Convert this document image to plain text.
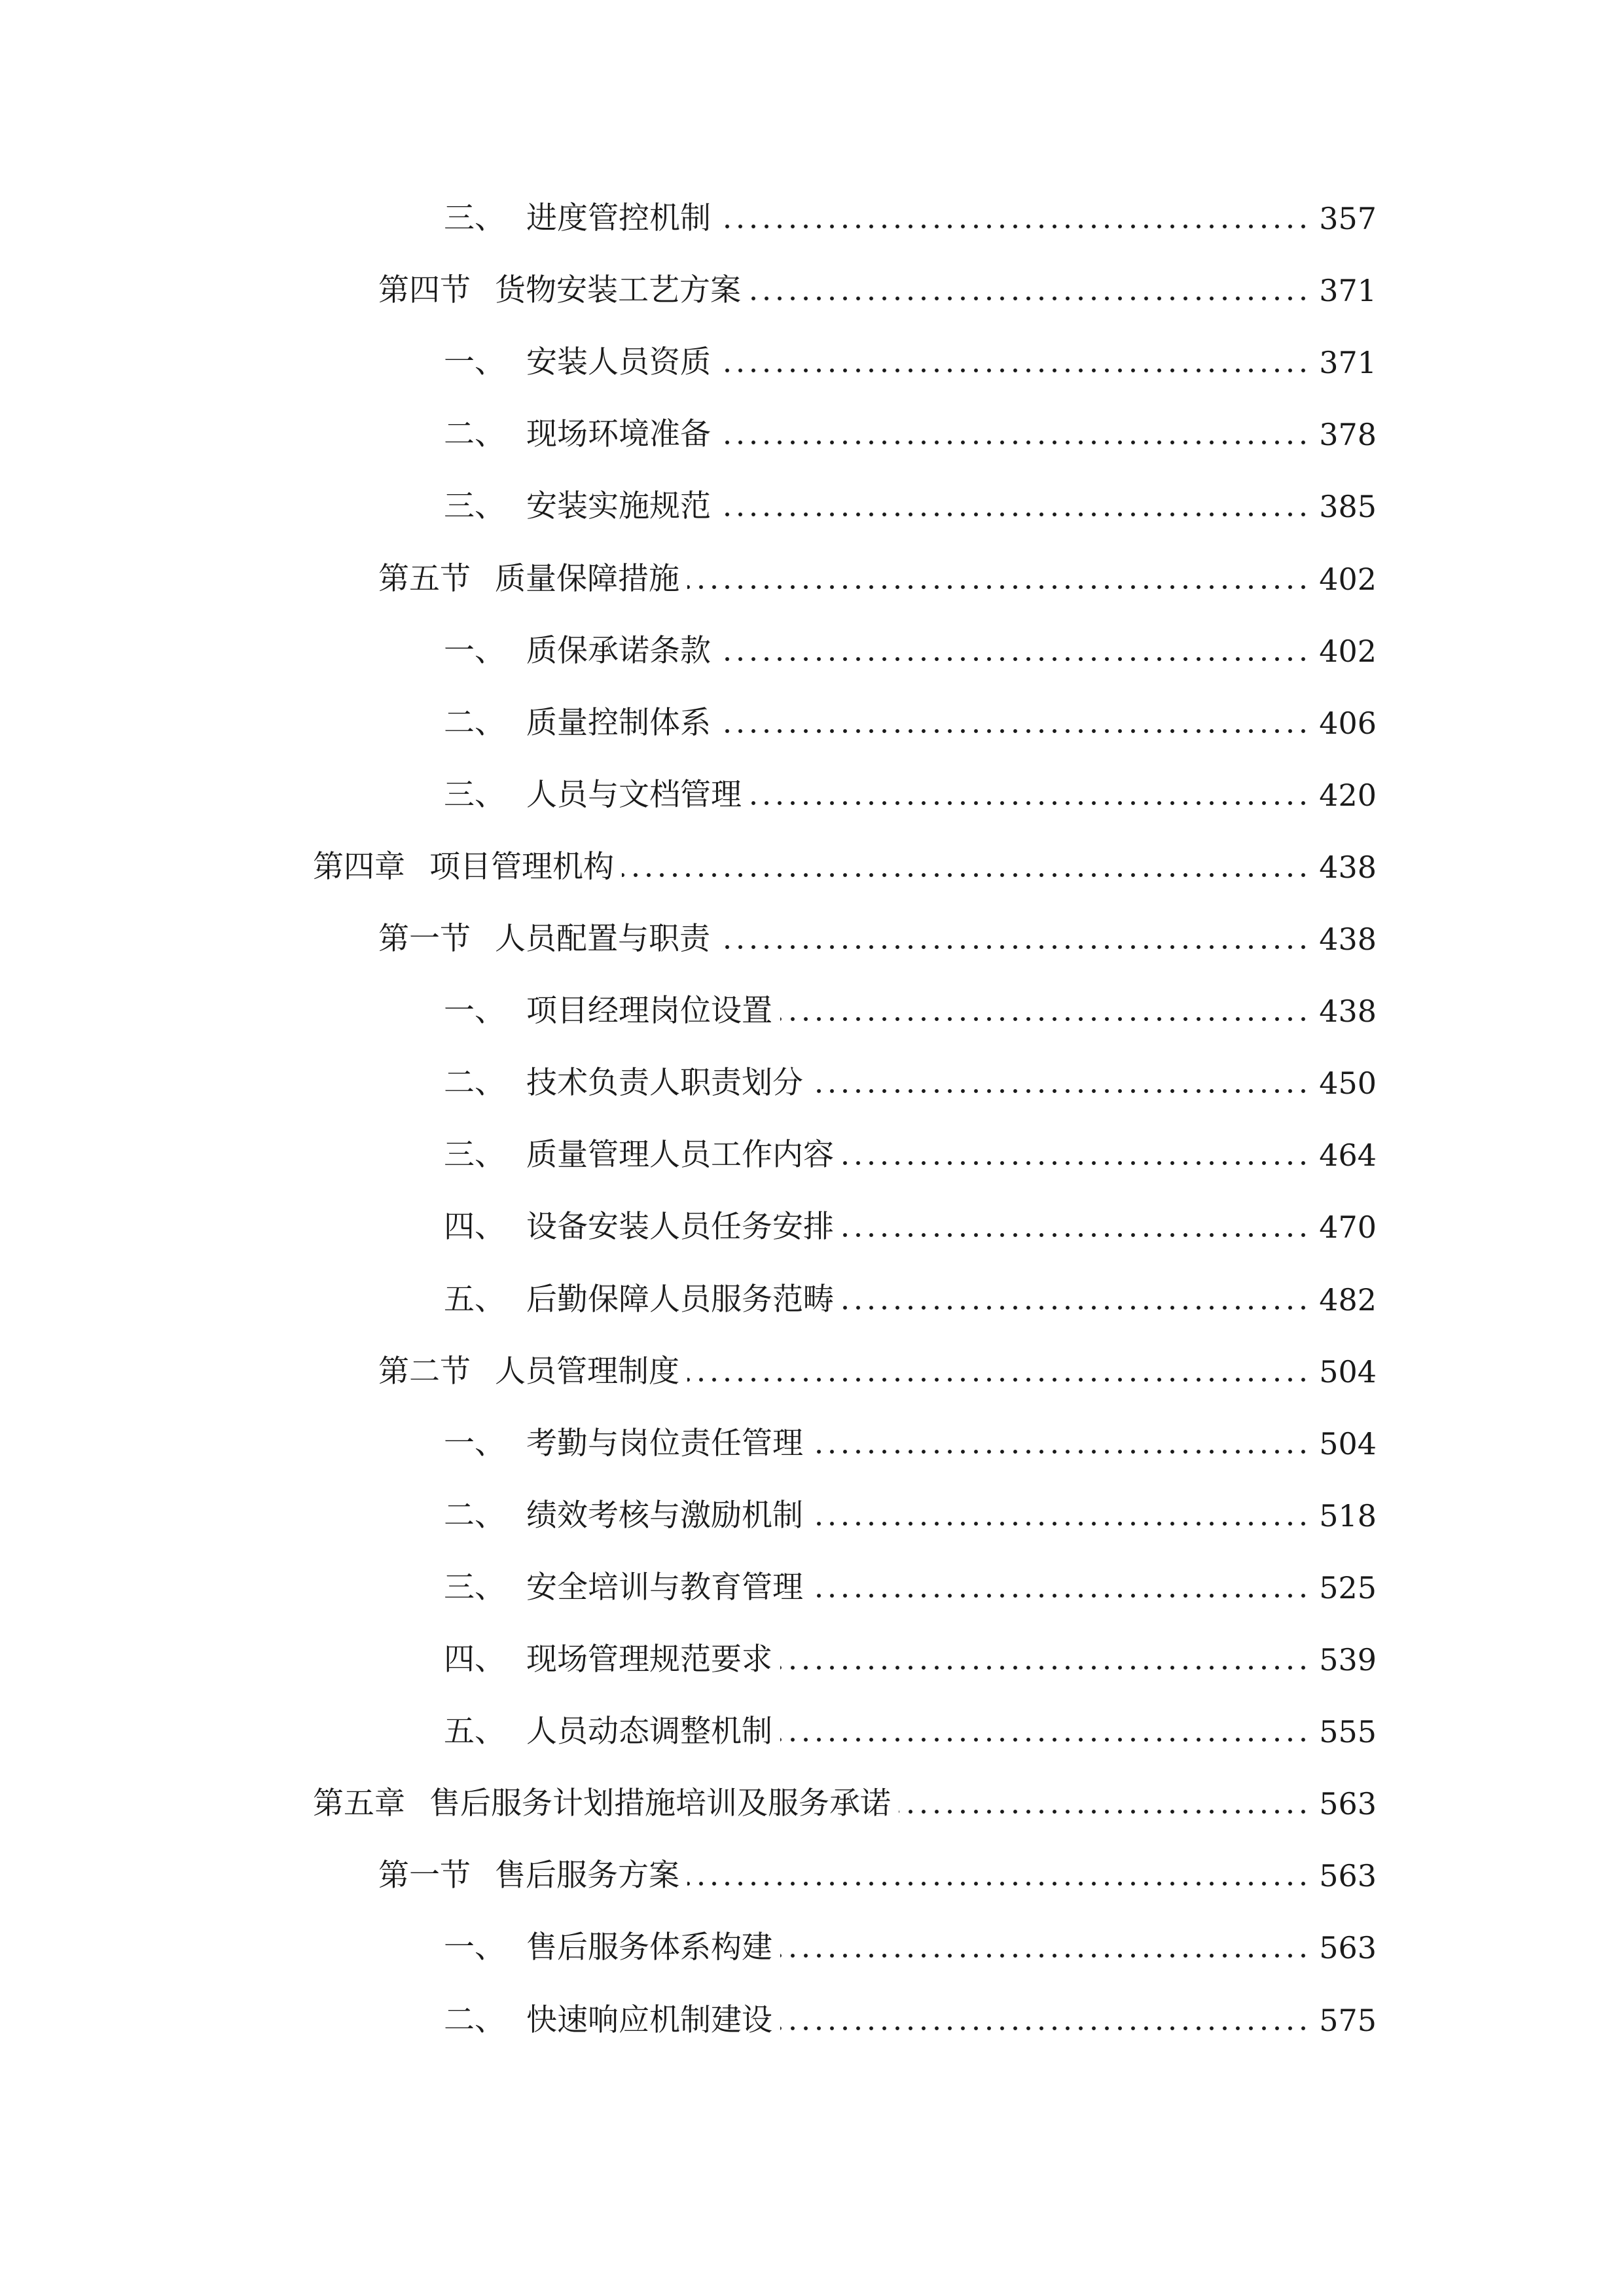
三、 进度管控机制	357
第四节 货物安装工艺方案	371
一、 安装人员资质	371
二、 现场环境准备	378
三、 安装实施规范	385
第五节 质量保障措施	402
一、 质保承诺条款	402
二、 质量控制体系	406
三、 人员与文档管理	420
第四章 项目管理机构	438
第一节 人员配置与职责	438
一、 项目经理岗位设置	438
二、 技术负责人职责划分	450
三、 质量管理人员工作内容	464
四、 设备安装人员任务安排	470
五、 后勤保障人员服务范畴	482
第二节 人员管理制度	504
一、 考勤与岗位责任管理	504
二、 绩效考核与激励机制	518
三、 安全培训与教育管理	525
四、 现场管理规范要求	539
五、 人员动态调整机制	555
第五章 售后服务计划措施培训及服务承诺	563
第一节 售后服务方案	563
一、 售后服务体系构建	563
二、 快速响应机制建设	575
